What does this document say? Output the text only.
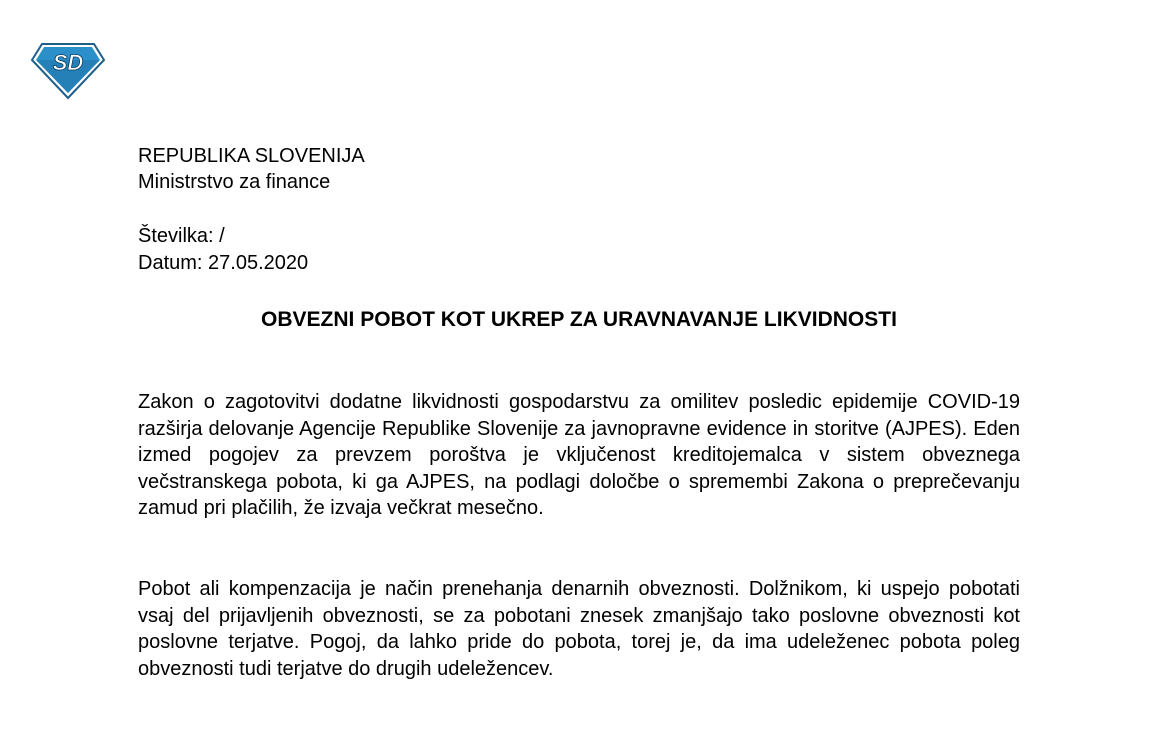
SD
REPUBLIKA SLOVENIJA
Ministrstvo za finance
Številka: /
Datum: 27.05.2020
OBVEZNI POBOT KOT UKREP ZA URAVNAVANJE LIKVIDNOSTI

Zakon o zagotovitvi dodatne likvidnosti gospodarstvu za omilitev posledic epidemije COVID-19 razširja delovanje Agencije Republike Slovenije za javnopravne evidence in storitve (AJPES). Eden izmed pogojev za prevzem poroštva je vključenost kreditojemalca v sistem obveznega večstranskega pobota, ki ga AJPES, na podlagi določbe o spremembi Zakona o preprečevanju zamud pri plačilih, že izvaja večkrat mesečno.

Pobot ali kompenzacija je način prenehanja denarnih obveznosti. Dolžnikom, ki uspejo pobotati vsaj del prijavljenih obveznosti, se za pobotani znesek zmanjšajo tako poslovne obveznosti kot poslovne terjatve. Pogoj, da lahko pride do pobota, torej je, da ima udeleženec pobota poleg obveznosti tudi terjatve do drugih udeležencev.
